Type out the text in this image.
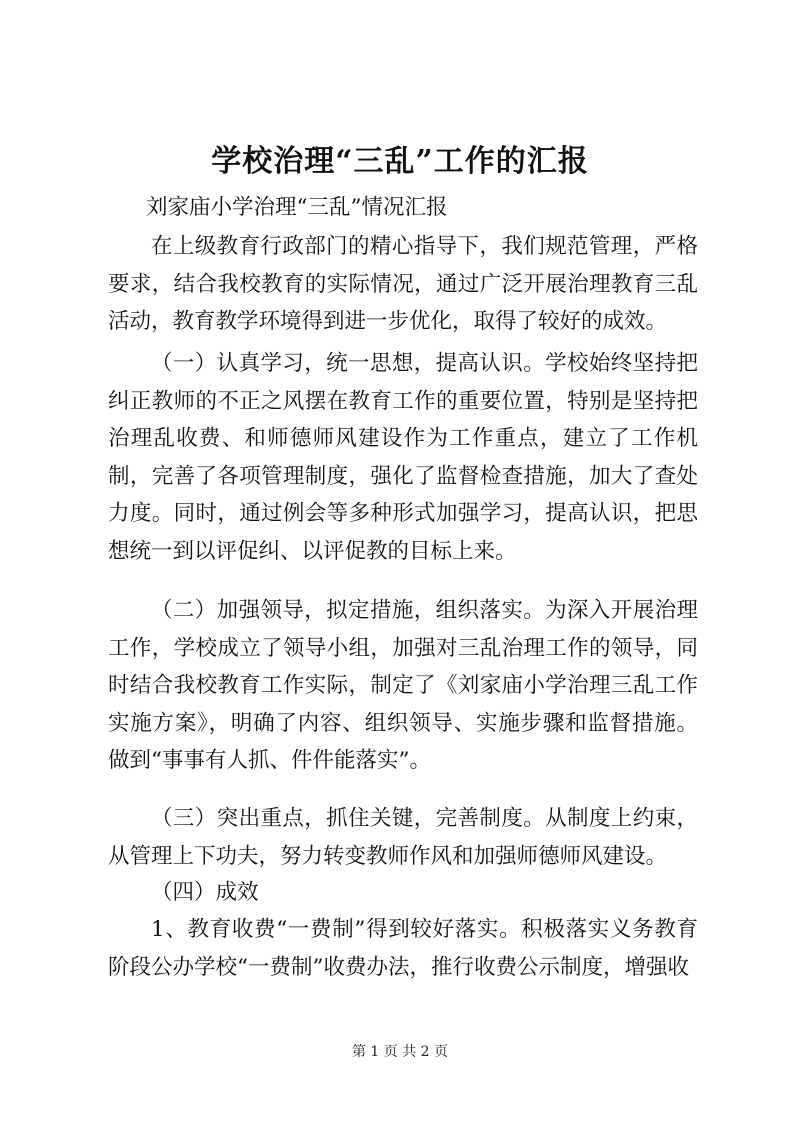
学校治理“三乱”工作的汇报
刘家庙小学治理“三乱”情况汇报

在上级教育行政部门的精心指导下，我们规范管理，严格要求，结合我校教育的实际情况，通过广泛开展治理教育三乱活动，教育教学环境得到进一步优化，取得了较好的成效。

（一）认真学习，统一思想，提高认识。学校始终坚持把纠正教师的不正之风摆在教育工作的重要位置，特别是坚持把治理乱收费、和师德师风建设作为工作重点，建立了工作机制，完善了各项管理制度，强化了监督检查措施，加大了查处力度。同时，通过例会等多种形式加强学习，提高认识，把思想统一到以评促纠、以评促教的目标上来。

（二）加强领导，拟定措施，组织落实。为深入开展治理工作，学校成立了领导小组，加强对三乱治理工作的领导，同时结合我校教育工作实际，制定了《刘家庙小学治理三乱工作实施方案》，明确了内容、组织领导、实施步骤和监督措施。做到“事事有人抓、件件能落实”。

（三）突出重点，抓住关键，完善制度。从制度上约束，从管理上下功夫，努力转变教师作风和加强师德师风建设。

（四）成效

1、教育收费“一费制”得到较好落实。积极落实义务教育阶段公办学校“一费制”收费办法，推行收费公示制度，增强收

第 1 页 共 2 页
